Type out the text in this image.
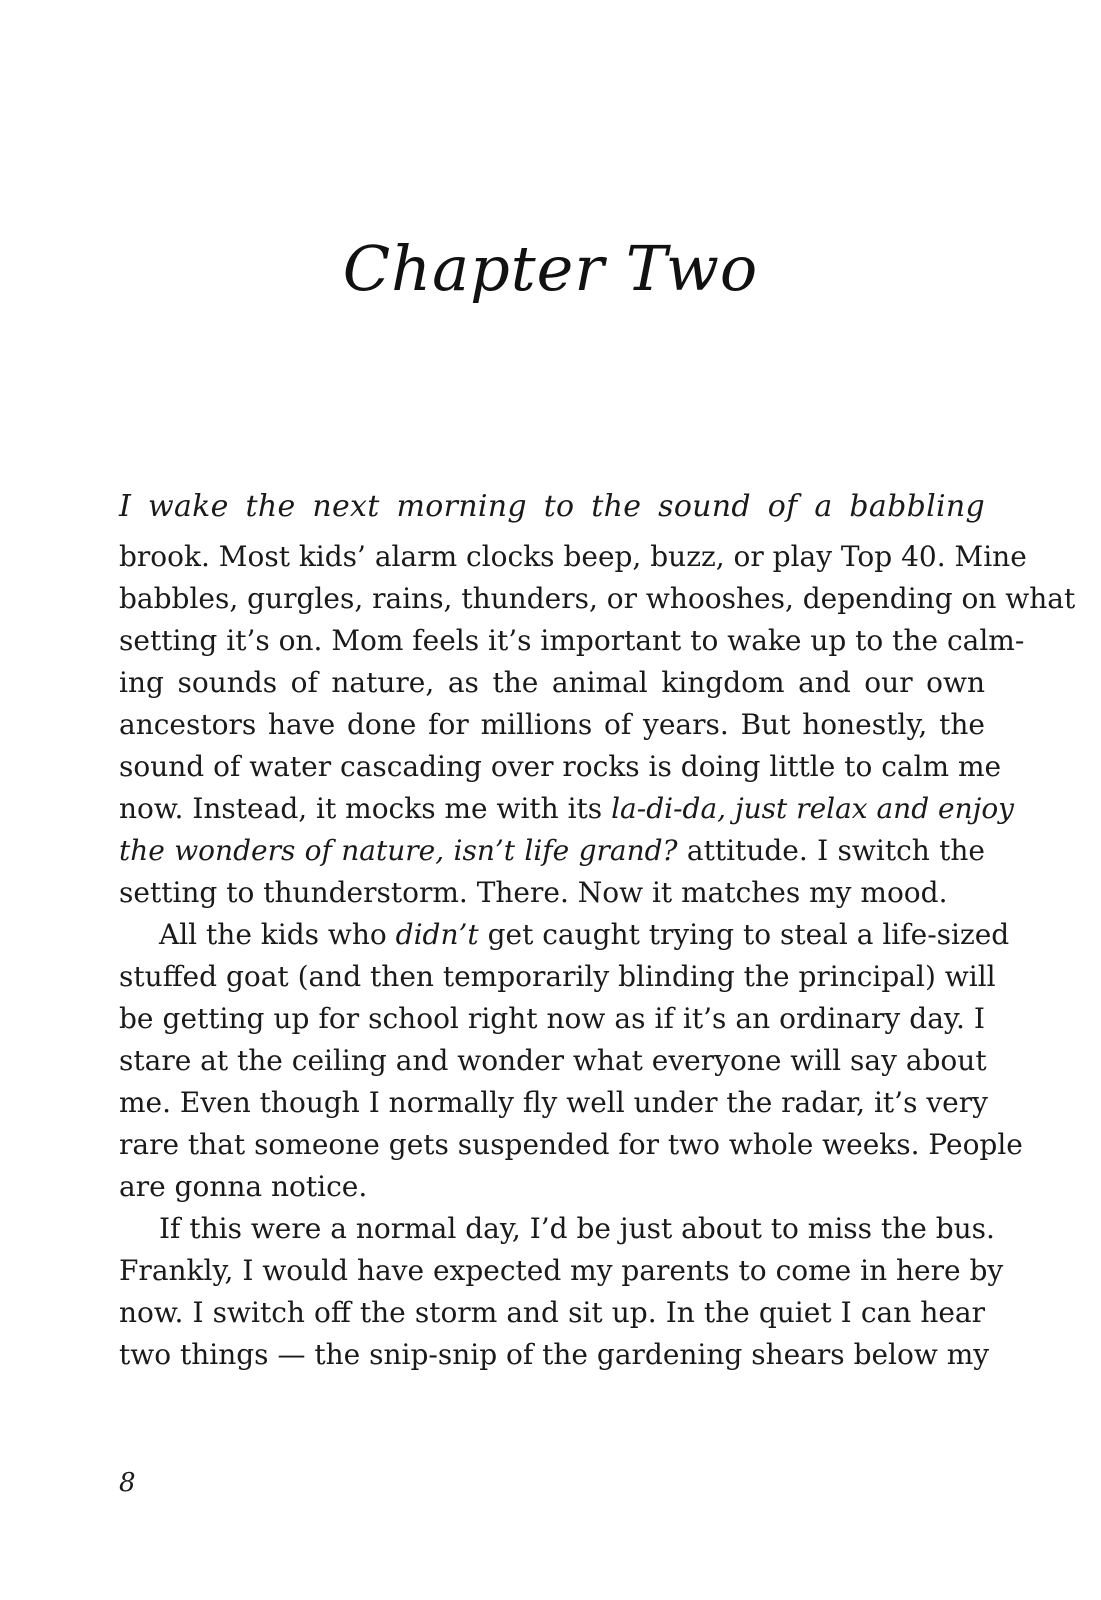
Chapter Two
I wake the next morning to the sound of a babbling
brook. Most kids’ alarm clocks beep, buzz, or play Top 40. Mine
babbles, gurgles, rains, thunders, or whooshes, depending on what
setting it’s on. Mom feels it’s important to wake up to the calm-
ing sounds of nature, as the animal kingdom and our own
ancestors have done for millions of years. But honestly, the
sound of water cascading over rocks is doing little to calm me
now. Instead, it mocks me with its la-di-da, just relax and enjoy
the wonders of nature, isn’t life grand? attitude. I switch the
setting to thunderstorm. There. Now it matches my mood.
All the kids who didn’t get caught trying to steal a life-sized
stuffed goat (and then temporarily blinding the principal) will
be getting up for school right now as if it’s an ordinary day. I
stare at the ceiling and wonder what everyone will say about
me. Even though I normally fly well under the radar, it’s very
rare that someone gets suspended for two whole weeks. People
are gonna notice.
If this were a normal day, I’d be just about to miss the bus.
Frankly, I would have expected my parents to come in here by
now. I switch off the storm and sit up. In the quiet I can hear
two things — the snip-snip of the gardening shears below my

8
